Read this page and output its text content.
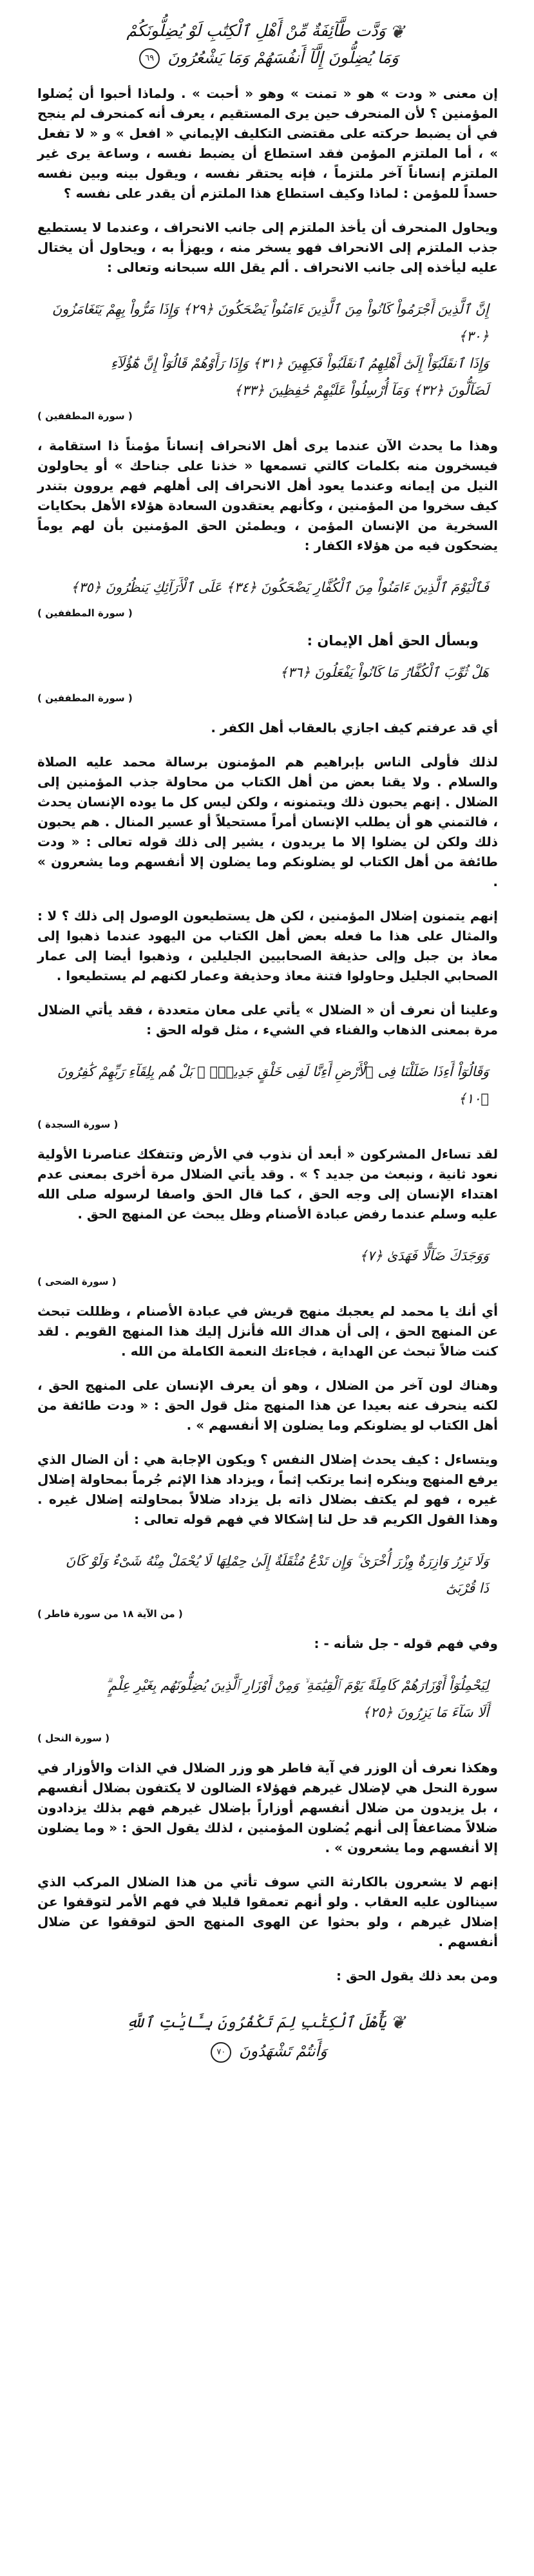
❦وَدَّت طَّآئِفَةٌ مِّنْ أَهْلِ ٱلْكِتَٰبِ لَوْ يُضِلُّونَكُمْ
وَمَا يُضِلُّونَ إِلَّآ أَنفُسَهُمْ وَمَا يَشْعُرُونَ ٦٩

إن معنى « ودت » هو « تمنت » وهو « أحبت » . ولماذا أحبوا أن يُضلوا المؤمنين ؟ لأن المنحرف حين يرى المستقيم ، يعرف أنه كمنحرف لم ينجح في أن يضبط حركته على مقتضى التكليف الإيماني « افعل » و « لا تفعل » ، أما الملتزم المؤمن فقد استطاع أن يضبط نفسه ، وساعة يرى غير الملتزم إنساناً آخر ملتزماً ، فإنه يحتقر نفسه ، ويقول بينه وبين نفسه حسداً للمؤمن : لماذا وكيف استطاع هذا الملتزم أن يقدر على نفسه ؟

ويحاول المنحرف أن يأخذ الملتزم إلى جانب الانحراف ، وعندما لا يستطيع جذب الملتزم إلى الانحراف فهو يسخر منه ، ويهزأ به ، ويحاول أن يختال عليه ليأخذه إلى جانب الانحراف . ألم يقل الله سبحانه وتعالى :

إِنَّ ٱلَّذِينَ أَجْرَمُواْ كَانُواْ مِنَ ٱلَّذِينَ ءَامَنُواْ يَضْحَكُونَ ﴿٢٩﴾ وَإِذَا مَرُّواْ بِهِمْ يَتَغَامَزُونَ ﴿٣٠﴾
وَإِذَا ٱنقَلَبُوٓاْ إِلَىٰٓ أَهْلِهِمُ ٱنقَلَبُواْ فَكِهِينَ ﴿٣١﴾ وَإِذَا رَأَوْهُمْ قَالُوٓاْ إِنَّ هَٰٓؤُلَآءِ
لَضَآلُّونَ ﴿٣٢﴾ وَمَآ أُرْسِلُواْ عَلَيْهِمْ حَٰفِظِينَ ﴿٣٣﴾
( سورة المطففين )

وهذا ما يحدث الآن عندما يرى أهل الانحراف إنساناً مؤمناً ذا استقامة ، فيسخرون منه بكلمات كالتي تسمعها « خذنا على جناحك » أو يحاولون النيل من إيمانه وعندما يعود أهل الانحراف إلى أهلهم فهم يروون بتندر كيف سخروا من المؤمنين ، وكأنهم يعتقدون السعادة هؤلاء الأهل بحكايات السخرية من الإنسان المؤمن ، ويطمئن الحق المؤمنين بأن لهم يوماً يضحكون فيه من هؤلاء الكفار :

فَٱلْيَوْمَ ٱلَّذِينَ ءَامَنُواْ مِنَ ٱلْكُفَّارِ يَضْحَكُونَ ﴿٣٤﴾ عَلَى ٱلْأَرَآئِكِ يَنظُرُونَ ﴿٣٥﴾
( سورة المطففين )
وبسأل الحق أهل الإيمان :
هَلْ ثُوِّبَ ٱلْكُفَّارُ مَا كَانُواْ يَفْعَلُونَ ﴿٣٦﴾
( سورة المطففين )

أي قد عرفتم كيف اجازي بالعقاب أهل الكفر .

لذلك فأولى الناس بإبراهيم هم المؤمنون برسالة محمد عليه الصلاة والسلام . ولا يقنا بعض من أهل الكتاب من محاولة جذب المؤمنين إلى الضلال . إنهم يحبون ذلك ويتمنونه ، ولكن ليس كل ما يوده الإنسان يحدث ، فالتمني هو أن يطلب الإنسان أمراً مستحيلاً أو عسير المنال . هم يحبون ذلك ولكن لن يضلوا إلا ما يريدون ، يشير إلى ذلك قوله تعالى : « ودت طائفة من أهل الكتاب لو يضلونكم وما يضلون إلا أنفسهم وما يشعرون » .

إنهم يتمنون إضلال المؤمنين ، لكن هل يستطيعون الوصول إلى ذلك ؟ لا : والمثال على هذا ما فعله بعض أهل الكتاب من اليهود عندما ذهبوا إلى معاذ بن جبل وإلى حذيفة الصحابيين الجليلين ، وذهبوا أيضا إلى عمار الصحابي الجليل وحاولوا فتنة معاذ وحذيفة وعمار لكنهم لم يستطيعوا .

وعلينا أن نعرف أن « الضلال » يأتي على معان متعددة ، فقد يأتي الضلال مرة بمعنى الذهاب والفناء في الشيء ، مثل قوله الحق :

وَقَالُوٓاْ أَءِذَا ضَلَلْنَا فِى ٱلْأَرْضِ أَءِنَّا لَفِى خَلْقٍ جَدِيدٍۭ ۚ بَلْ هُم بِلِقَآءِ رَبِّهِمْ كَٰفِرُونَ ﴿١٠﴾
( سورة السجدة )

لقد تساءل المشركون « أبعد أن نذوب في الأرض وتتفكك عناصرنا الأولية نعود ثانية ، ونبعث من جديد ؟ » . وقد يأتي الضلال مرة أخرى بمعنى عدم اهتداء الإنسان إلى وجه الحق ، كما قال الحق واصفا لرسوله صلى الله عليه وسلم عندما رفض عبادة الأصنام وظل يبحث عن المنهج الحق .

وَوَجَدَكَ ضَآلًّا فَهَدَىٰ ﴿٧﴾
( سورة الضحى )

أي أنك يا محمد لم يعجبك منهج قريش في عبادة الأصنام ، وظللت تبحث عن المنهج الحق ، إلى أن هداك الله فأنزل إليك هذا المنهج القويم . لقد كنت ضالاً تبحث عن الهداية ، فجاءتك النعمة الكاملة من الله .

وهناك لون آخر من الضلال ، وهو أن يعرف الإنسان على المنهج الحق ، لكنه ينحرف عنه بعيدا عن هذا المنهج مثل قول الحق : « ودت طائفة من أهل الكتاب لو يضلونكم وما يضلون إلا أنفسهم » .

ويتساءل : كيف يحدث إضلال النفس ؟ ويكون الإجابة هي : أن الضال الذي يرفع المنهج وينكره إنما يرتكب إثماً ، ويزداد هذا الإثم جُرماً بمحاولة إضلال غيره ، فهو لم يكتف بضلال ذاته بل يزداد ضلالاً بمحاولته إضلال غيره . وهذا القول الكريم قد حل لنا إشكالا في فهم قوله تعالى :

وَلَا تَزِرُ وَازِرَةٌ وِزْرَ أُخْرَىٰ ۚ وَإِن تَدْعُ مُثْقَلَةٌ إِلَىٰ حِمْلِهَا لَا يُحْمَلْ مِنْهُ شَىْءٌ وَلَوْ كَانَ
ذَا قُرْبَىٰٓ
( من الآية ١٨ من سورة فاطر )

وفي فهم قوله - جل شأنه - :

لِيَحْمِلُوٓاْ أَوْزَارَهُمْ كَامِلَةً يَوْمَ ٱلْقِيَٰمَةِ ۙ وَمِنْ أَوْزَارِ ٱلَّذِينَ يُضِلُّونَهُم بِغَيْرِ عِلْمٍ ۗ
أَلَا سَآءَ مَا يَزِرُونَ ﴿٢٥﴾
( سورة النحل )

وهكذا نعرف أن الوزر في آية فاطر هو وزر الضلال في الذات والأوزار في سورة النحل هي لإضلال غيرهم فهؤلاء الضالون لا يكتفون بضلال أنفسهم ، بل يزيدون من ضلال أنفسهم أوزاراً بإضلال غيرهم فهم بذلك يزدادون ضلالاً مضاعفاً إلى أنهم يُضلون المؤمنين ، لذلك يقول الحق : « وما يضلون إلا أنفسهم وما يشعرون » .

إنهم لا يشعرون بالكارثة التي سوف تأتي من هذا الضلال المركب الذي سينالون عليه العقاب . ولو أنهم تعمقوا قليلا في فهم الأمر لتوقفوا عن إضلال غيرهم ، ولو بحثوا عن الهوى المنهج الحق لتوقفوا عن ضلال أنفسهم .

ومن بعد ذلك يقول الحق :

❦يَٰٓأَهْلَ ٱلْكِتَٰبِ لِمَ تَكْفُرُونَ بِـَٔايَٰتِ ٱللَّهِ
وَأَنتُمْ تَشْهَدُونَ ٧٠
